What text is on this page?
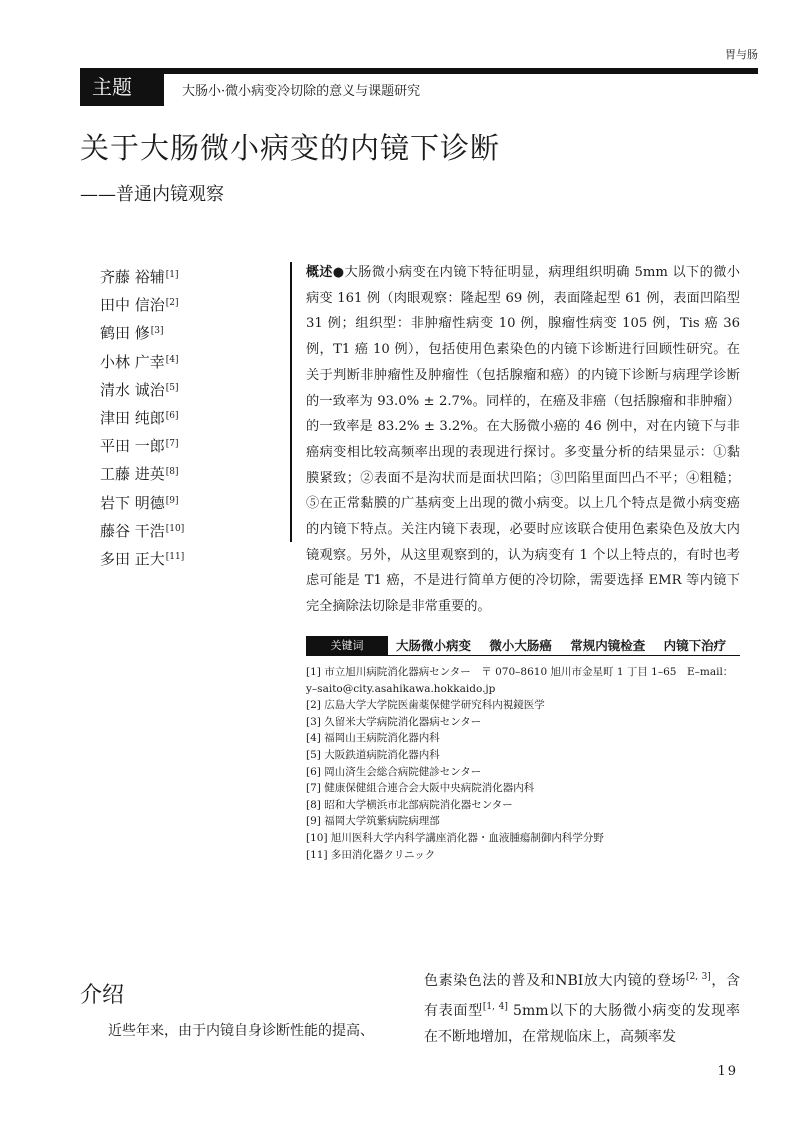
胃与肠
主题	大肠小·微小病变冷切除的意义与课题研究
关于大肠微小病变的内镜下诊断
——普通内镜观察
齐藤 裕辅[1]
田中 信治[2]
鹤田 修[3]
小林 广幸[4]
清水 诚治[5]
津田 纯郎[6]
平田 一郎[7]
工藤 进英[8]
岩下 明德[9]
藤谷 干浩[10]
多田 正大[11]
概述●大肠微小病变在内镜下特征明显，病理组织明确 5mm 以下的微小病变 161 例（肉眼观察：隆起型 69 例，表面隆起型 61 例，表面凹陷型 31 例；组织型：非肿瘤性病变 10 例，腺瘤性病变 105 例，Tis 癌 36 例，T1 癌 10 例），包括使用色素染色的内镜下诊断进行回顾性研究。在关于判断非肿瘤性及肿瘤性（包括腺瘤和癌）的内镜下诊断与病理学诊断的一致率为 93.0% ± 2.7%。同样的，在癌及非癌（包括腺瘤和非肿瘤）的一致率是 83.2% ± 3.2%。在大肠微小癌的 46 例中，对在内镜下与非癌病变相比较高频率出现的表现进行探讨。多变量分析的结果显示：①黏膜紧致；②表面不是沟状而是面状凹陷；③凹陷里面凹凸不平；④粗糙；⑤在正常黏膜的广基病变上出现的微小病变。以上几个特点是微小病变癌的内镜下特点。关注内镜下表现，必要时应该联合使用色素染色及放大内镜观察。另外，从这里观察到的，认为病变有 1 个以上特点的，有时也考虑可能是 T1 癌，不是进行简单方便的冷切除，需要选择 EMR 等内镜下完全摘除法切除是非常重要的。
关键词	大肠微小病变 微小大肠癌 常规内镜检查 内镜下治疗
[1] 市立旭川病院消化器病センター　〒 070–8610 旭川市金星町 1 丁目 1–65　E–mail：
y–saito@city.asahikawa.hokkaido.jp
[2] 広島大学大学院医歯薬保健学研究科内視鏡医学
[3] 久留米大学病院消化器病センター
[4] 福岡山王病院消化器内科
[5] 大阪鉄道病院消化器内科
[6] 岡山済生会総合病院健診センター
[7] 健康保健組合連合会大阪中央病院消化器内科
[8] 昭和大学横浜市北部病院消化器センター
[9] 福岡大学筑紫病院病理部
[10] 旭川医科大学内科学講座消化器・血液腫瘍制御内科学分野
[11] 多田消化器クリニック
介绍
近些年来，由于内镜自身诊断性能的提高、
色素染色法的普及和NBI放大内镜的登场[2, 3]，含有表面型[1, 4] 5mm以下的大肠微小病变的发现率在不断地增加，在常规临床上，高频率发
19
